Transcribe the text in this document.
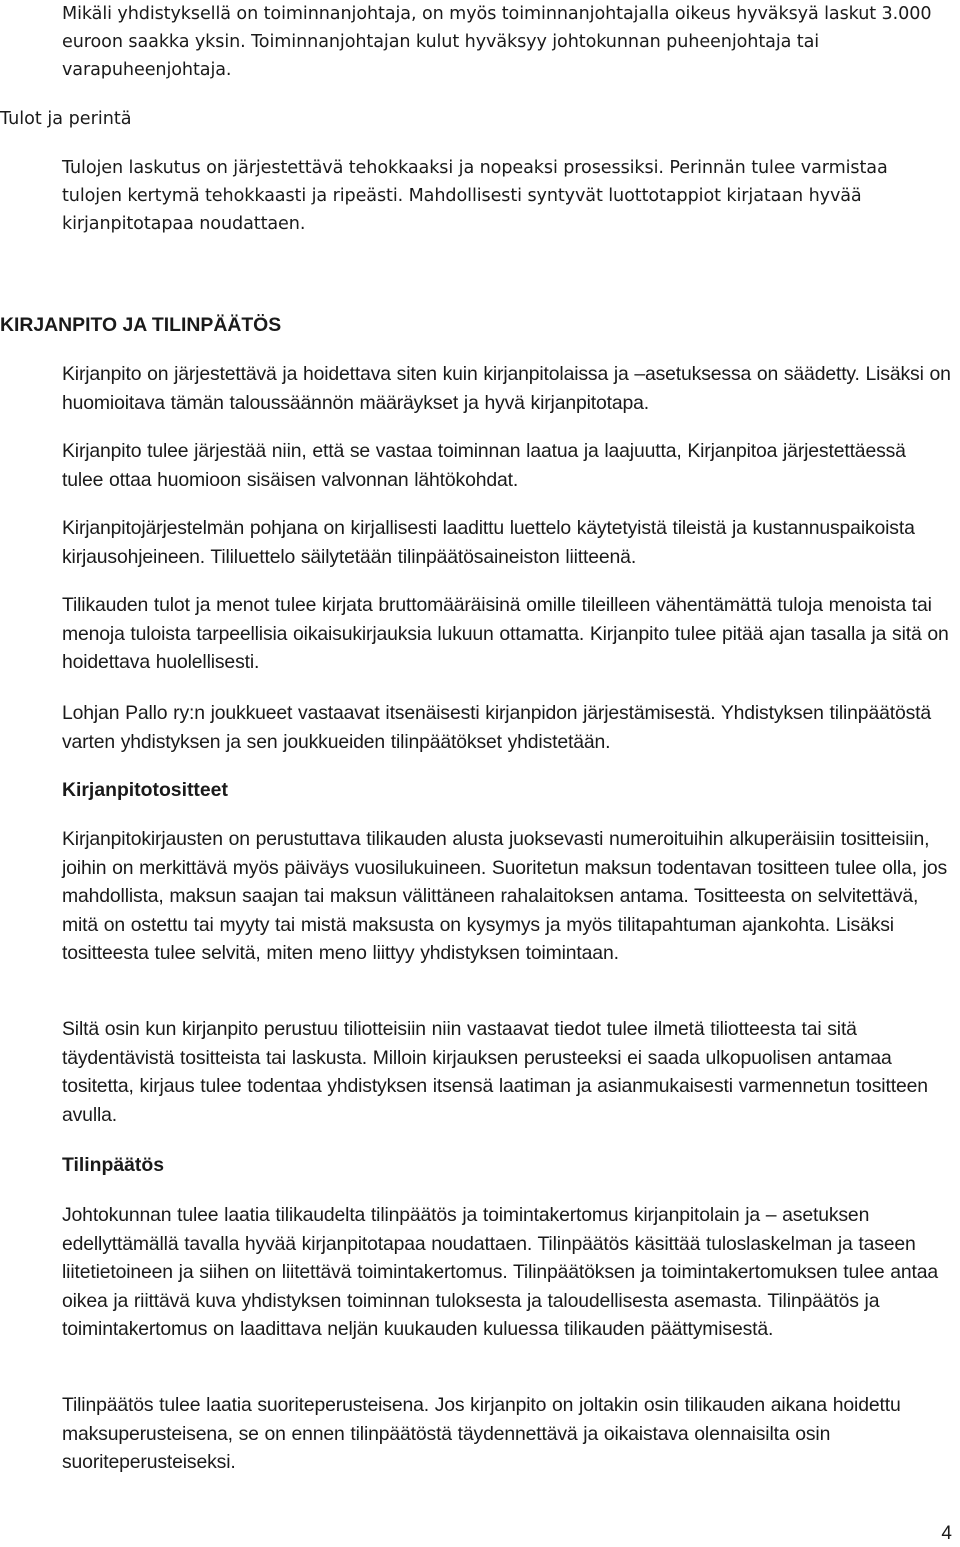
Mikäli yhdistyksellä on toiminnanjohtaja, on myös toiminnanjohtajalla oikeus hyväksyä laskut 3.000 euroon saakka yksin. Toiminnanjohtajan kulut hyväksyy johtokunnan puheenjohtaja tai varapuheenjohtaja.

Tulot ja perintä

Tulojen laskutus on järjestettävä tehokkaaksi ja nopeaksi prosessiksi. Perinnän tulee varmistaa tulojen kertymä tehokkaasti ja ripeästi. Mahdollisesti syntyvät luottotappiot kirjataan hyvää kirjanpitotapaa noudattaen.

KIRJANPITO JA TILINPÄÄTÖS

Kirjanpito on järjestettävä ja hoidettava siten kuin kirjanpitolaissa ja –asetuksessa on säädetty. Lisäksi on huomioitava tämän taloussäännön määräykset ja hyvä kirjanpitotapa.

Kirjanpito tulee järjestää niin, että se vastaa toiminnan laatua ja laajuutta, Kirjanpitoa järjestettäessä tulee ottaa huomioon sisäisen valvonnan lähtökohdat.

Kirjanpitojärjestelmän pohjana on kirjallisesti laadittu luettelo käytetyistä tileistä ja kustannuspaikoista kirjausohjeineen. Tililuettelo säilytetään tilinpäätösaineiston liitteenä.

Tilikauden tulot ja menot tulee kirjata bruttomääräisinä omille tileilleen vähentämättä tuloja menoista tai menoja tuloista tarpeellisia oikaisukirjauksia lukuun ottamatta. Kirjanpito tulee pitää ajan tasalla ja sitä on hoidettava huolellisesti.

Lohjan Pallo ry:n joukkueet vastaavat itsenäisesti kirjanpidon järjestämisestä. Yhdistyksen tilinpäätöstä varten yhdistyksen ja sen joukkueiden tilinpäätökset yhdistetään.

Kirjanpitotositteet

Kirjanpitokirjausten on perustuttava tilikauden alusta juoksevasti numeroituihin alkuperäisiin tositteisiin, joihin on merkittävä myös päiväys vuosilukuineen. Suoritetun maksun todentavan tositteen tulee olla, jos mahdollista, maksun saajan tai maksun välittäneen rahalaitoksen antama. Tositteesta on selvitettävä, mitä on ostettu tai myyty tai mistä maksusta on kysymys ja myös tilitapahtuman ajankohta. Lisäksi tositteesta tulee selvitä, miten meno liittyy yhdistyksen toimintaan.

Siltä osin kun kirjanpito perustuu tiliotteisiin niin vastaavat tiedot tulee ilmetä tiliotteesta tai sitä täydentävistä tositteista tai laskusta. Milloin kirjauksen perusteeksi ei saada ulkopuolisen antamaa tositetta, kirjaus tulee todentaa yhdistyksen itsensä laatiman ja asianmukaisesti varmennetun tositteen avulla.

Tilinpäätös

Johtokunnan tulee laatia tilikaudelta tilinpäätös ja toimintakertomus kirjanpitolain ja – asetuksen edellyttämällä tavalla hyvää kirjanpitotapaa noudattaen. Tilinpäätös käsittää tuloslaskelman ja taseen liitetietoineen ja siihen on liitettävä toimintakertomus. Tilinpäätöksen ja toimintakertomuksen tulee antaa oikea ja riittävä kuva yhdistyksen toiminnan tuloksesta ja taloudellisesta asemasta. Tilinpäätös ja toimintakertomus on laadittava neljän kuukauden kuluessa tilikauden päättymisestä.

Tilinpäätös tulee laatia suoriteperusteisena. Jos kirjanpito on joltakin osin tilikauden aikana hoidettu maksuperusteisena, se on ennen tilinpäätöstä täydennettävä ja oikaistava olennaisilta osin suoriteperusteiseksi.

4
